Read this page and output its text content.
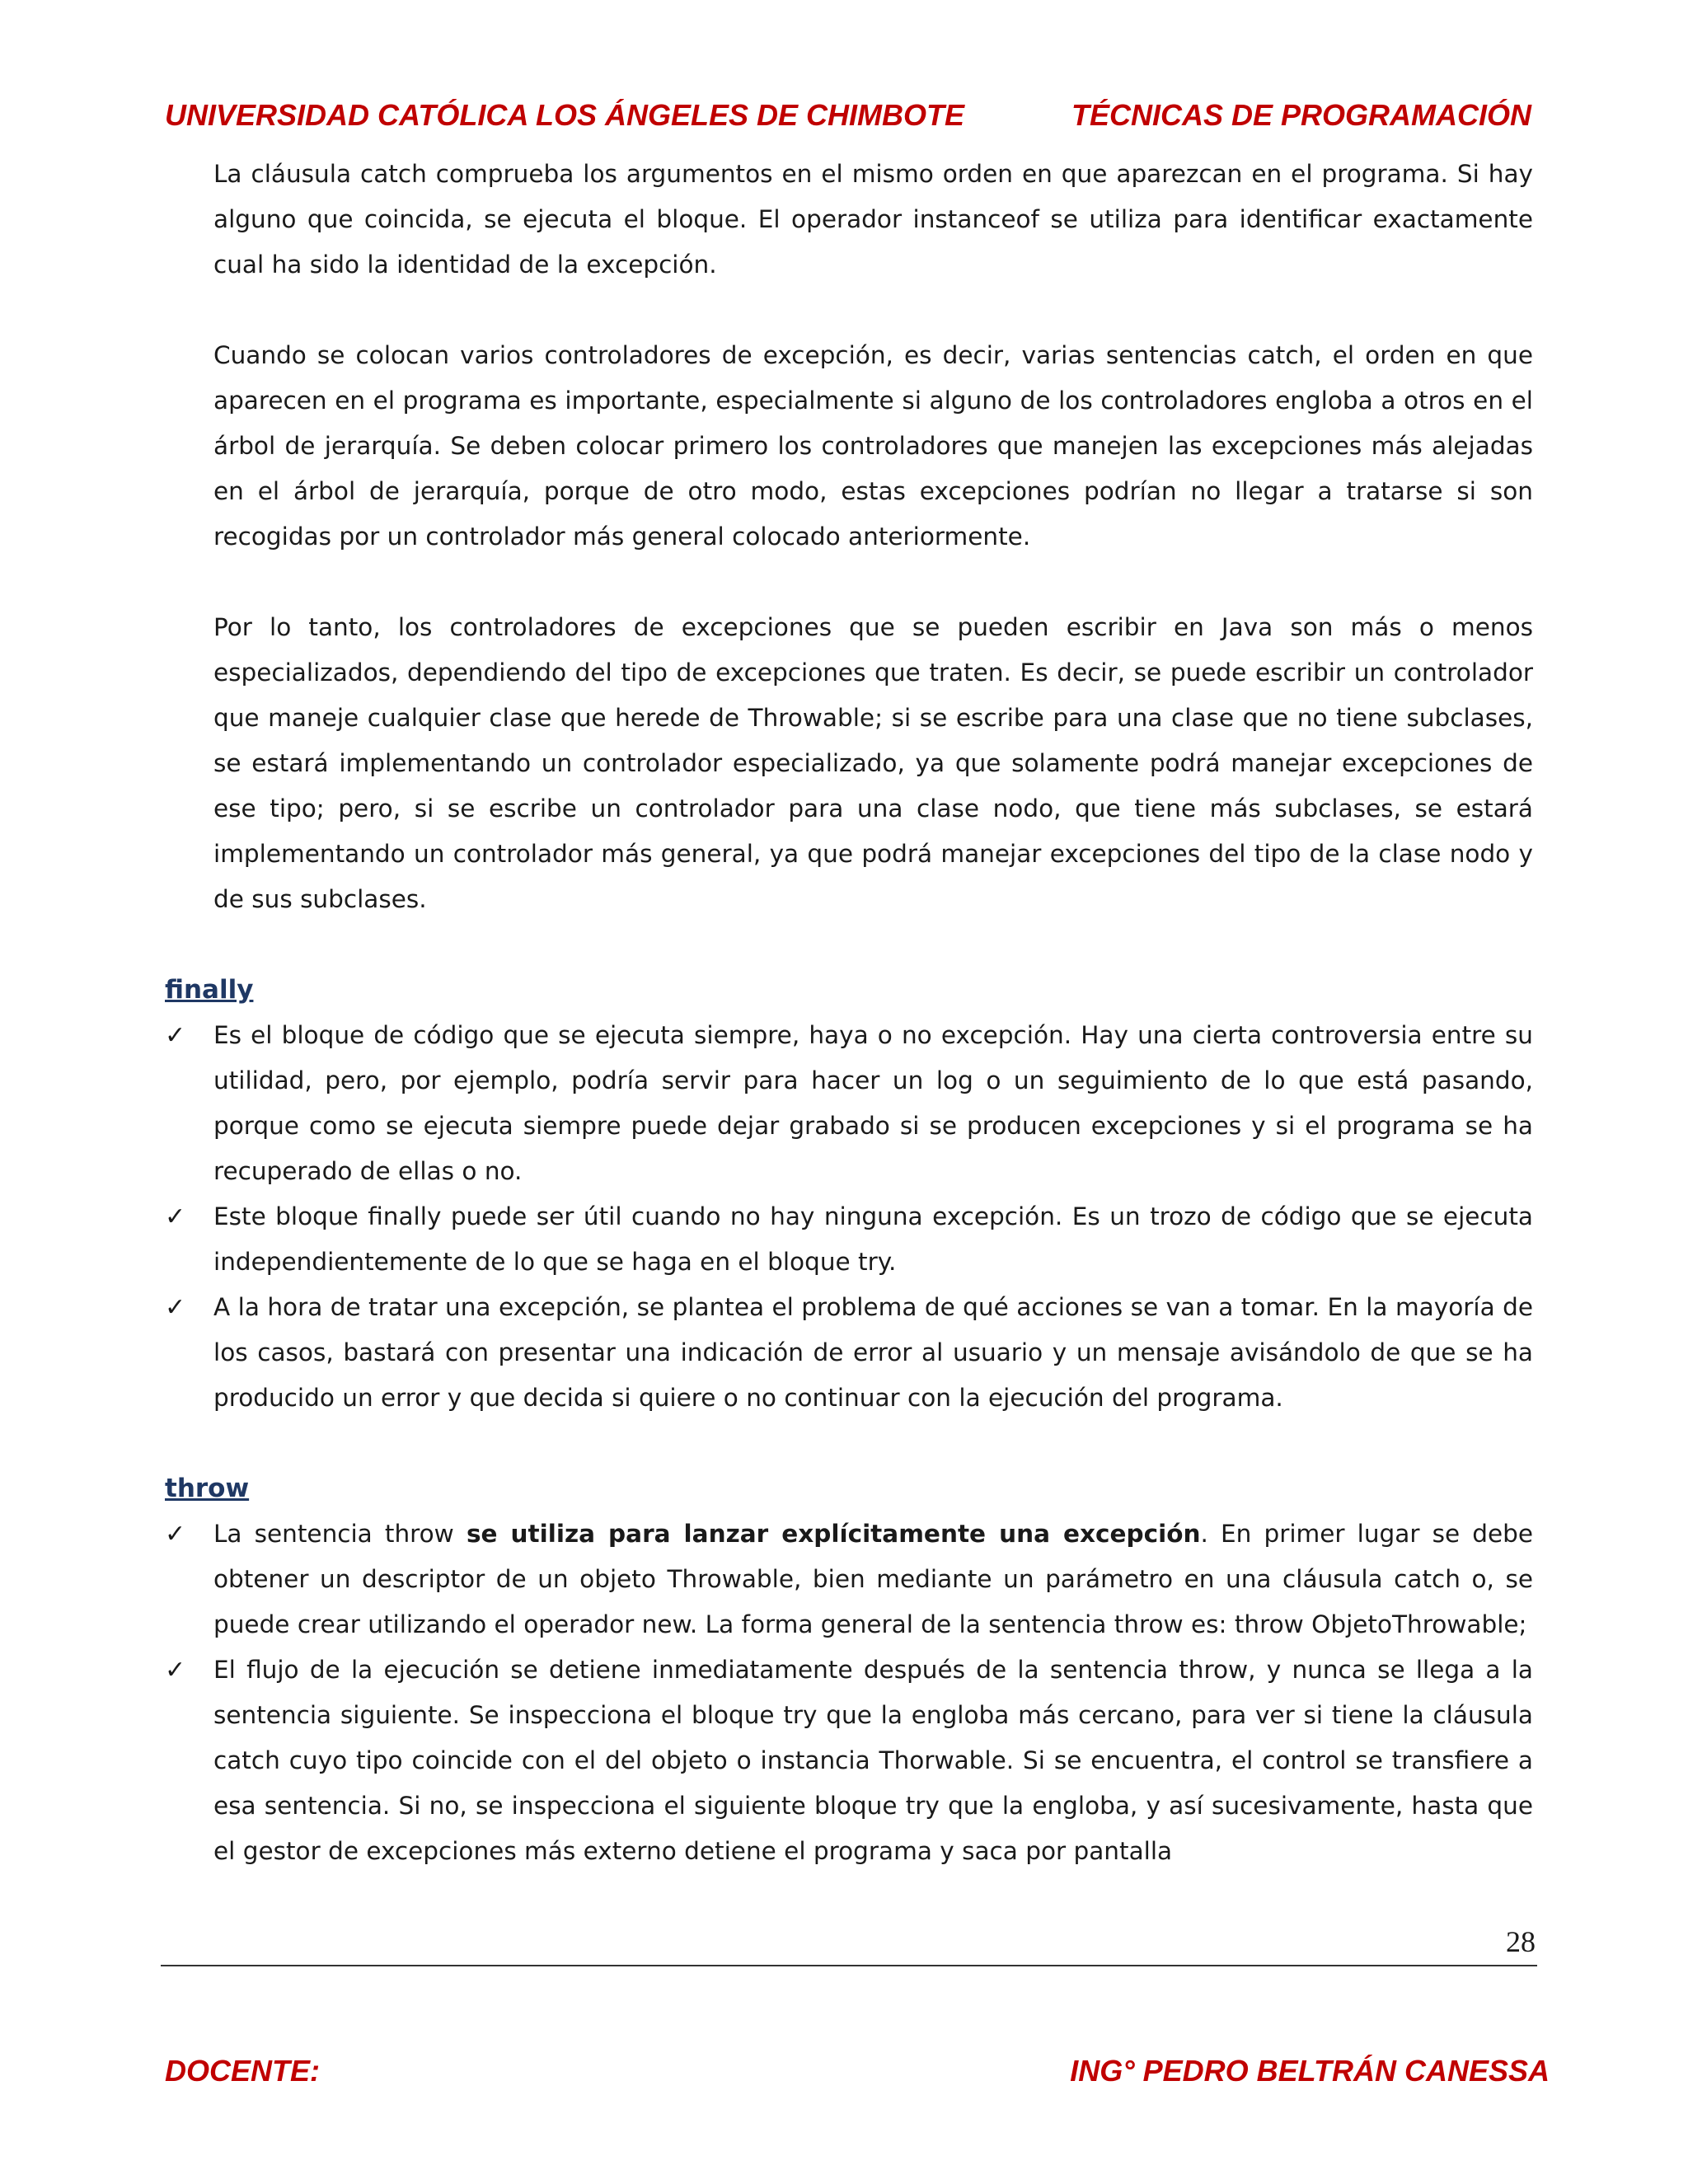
UNIVERSIDAD CATÓLICA LOS ÁNGELES DE CHIMBOTE	TÉCNICAS DE PROGRAMACIÓN

La cláusula catch comprueba los argumentos en el mismo orden en que aparezcan en el programa. Si hay alguno que coincida, se ejecuta el bloque. El operador instanceof se utiliza para identificar exactamente cual ha sido la identidad de la excepción.

Cuando se colocan varios controladores de excepción, es decir, varias sentencias catch, el orden en que aparecen en el programa es importante, especialmente si alguno de los controladores engloba a otros en el árbol de jerarquía. Se deben colocar primero los controladores que manejen las excepciones más alejadas en el árbol de jerarquía, porque de otro modo, estas excepciones podrían no llegar a tratarse si son recogidas por un controlador más general colocado anteriormente.

Por lo tanto, los controladores de excepciones que se pueden escribir en Java son más o menos especializados, dependiendo del tipo de excepciones que traten. Es decir, se puede escribir un controlador que maneje cualquier clase que herede de Throwable; si se escribe para una clase que no tiene subclases, se estará implementando un controlador especializado, ya que solamente podrá manejar excepciones de ese tipo; pero, si se escribe un controlador para una clase nodo, que tiene más subclases, se estará implementando un controlador más general, ya que podrá manejar excepciones del tipo de la clase nodo y de sus subclases.

finally
✓ Es el bloque de código que se ejecuta siempre, haya o no excepción. Hay una cierta controversia entre su utilidad, pero, por ejemplo, podría servir para hacer un log o un seguimiento de lo que está pasando, porque como se ejecuta siempre puede dejar grabado si se producen excepciones y si el programa se ha recuperado de ellas o no.
✓ Este bloque finally puede ser útil cuando no hay ninguna excepción. Es un trozo de código que se ejecuta independientemente de lo que se haga en el bloque try.
✓ A la hora de tratar una excepción, se plantea el problema de qué acciones se van a tomar. En la mayoría de los casos, bastará con presentar una indicación de error al usuario y un mensaje avisándolo de que se ha producido un error y que decida si quiere o no continuar con la ejecución del programa.
throw
✓ La sentencia throw se utiliza para lanzar explícitamente una excepción. En primer lugar se debe obtener un descriptor de un objeto Throwable, bien mediante un parámetro en una cláusula catch o, se puede crear utilizando el operador new. La forma general de la sentencia throw es: throw ObjetoThrowable;
✓ El flujo de la ejecución se detiene inmediatamente después de la sentencia throw, y nunca se llega a la sentencia siguiente. Se inspecciona el bloque try que la engloba más cercano, para ver si tiene la cláusula catch cuyo tipo coincide con el del objeto o instancia Thorwable. Si se encuentra, el control se transfiere a esa sentencia. Si no, se inspecciona el siguiente bloque try que la engloba, y así sucesivamente, hasta que el gestor de excepciones más externo detiene el programa y saca por pantalla
28
DOCENTE:	ING° PEDRO BELTRÁN CANESSA
